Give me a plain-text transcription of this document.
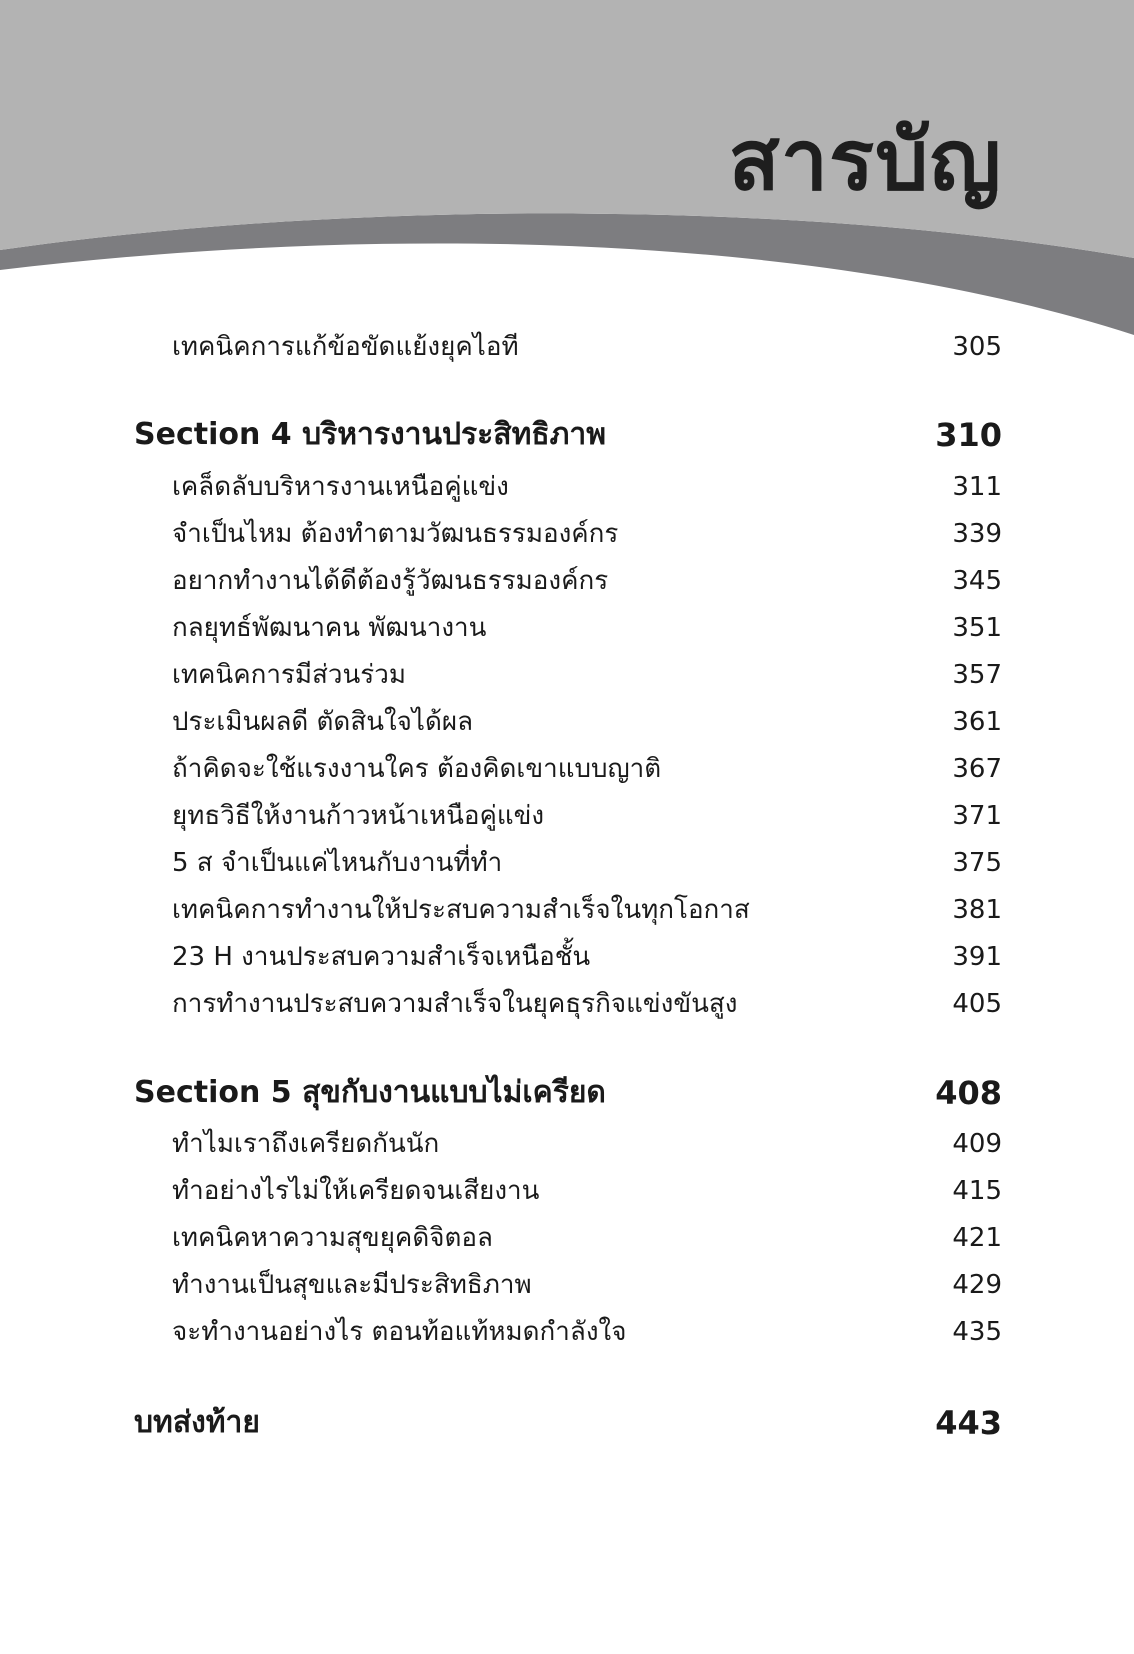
สารบัญ
เทคนิคการแก้ข้อขัดแย้งยุคไอที	305
Section 4 บริหารงานประสิทธิภาพ	310
เคล็ดลับบริหารงานเหนือคู่แข่ง	311
จำเป็นไหม ต้องทำตามวัฒนธรรมองค์กร	339
อยากทำงานได้ดีต้องรู้วัฒนธรรมองค์กร	345
กลยุทธ์พัฒนาคน พัฒนางาน	351
เทคนิคการมีส่วนร่วม	357
ประเมินผลดี ตัดสินใจได้ผล	361
ถ้าคิดจะใช้แรงงานใคร ต้องคิดเขาแบบญาติ	367
ยุทธวิธีให้งานก้าวหน้าเหนือคู่แข่ง	371
5 ส จำเป็นแค่ไหนกับงานที่ทำ	375
เทคนิคการทำงานให้ประสบความสำเร็จในทุกโอกาส	381
23 H งานประสบความสำเร็จเหนือชั้น	391
การทำงานประสบความสำเร็จในยุคธุรกิจแข่งขันสูง	405
Section 5 สุขกับงานแบบไม่เครียด	408
ทำไมเราถึงเครียดกันนัก	409
ทำอย่างไรไม่ให้เครียดจนเสียงาน	415
เทคนิคหาความสุขยุคดิจิตอล	421
ทำงานเป็นสุขและมีประสิทธิภาพ	429
จะทำงานอย่างไร ตอนท้อแท้หมดกำลังใจ	435
บทส่งท้าย	443
